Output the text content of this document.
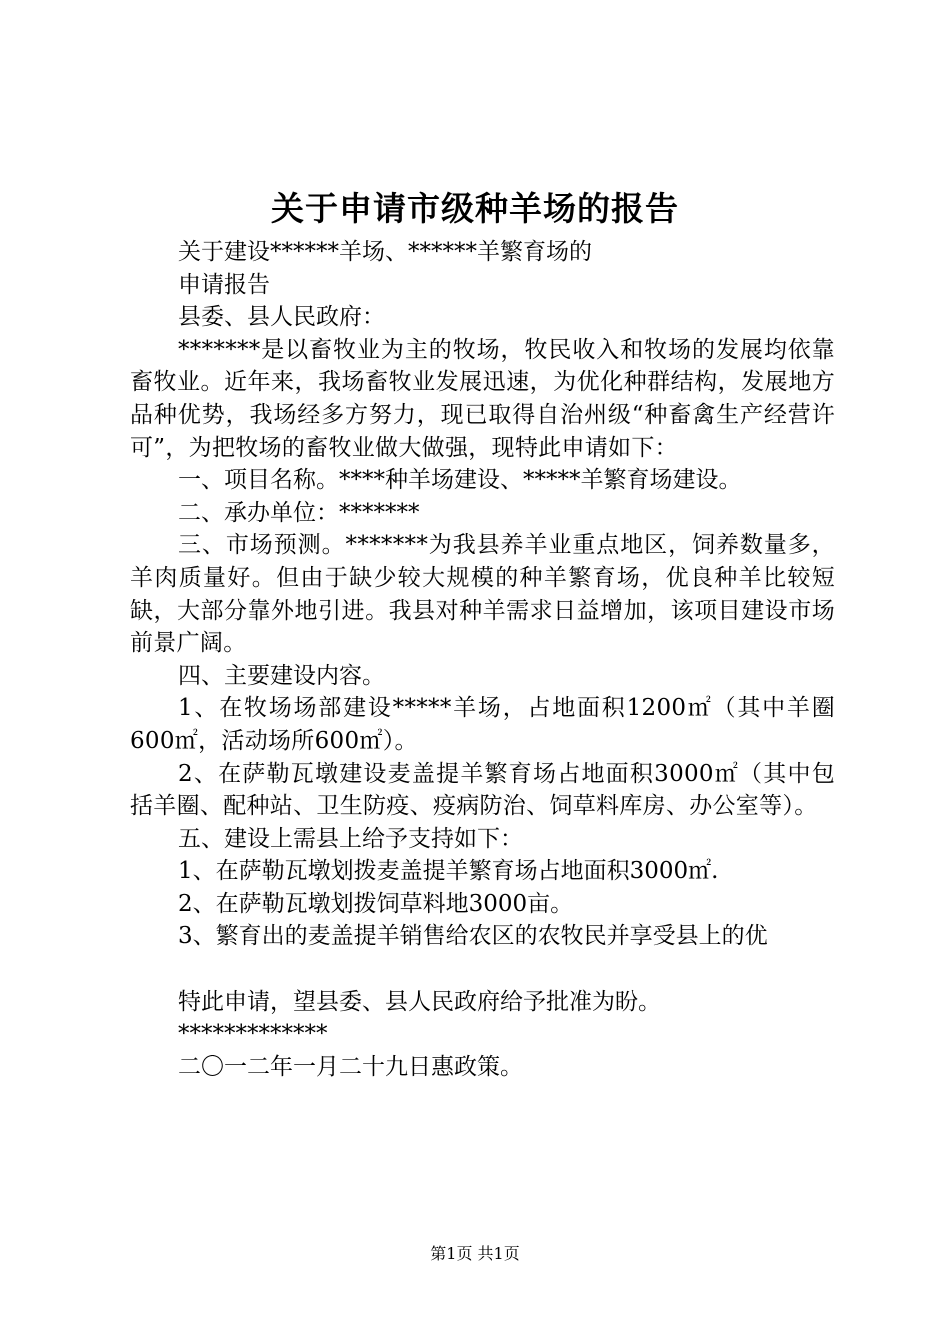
关于申请市级种羊场的报告

关于建设******羊场、******羊繁育场的

申请报告

县委、县人民政府：

*******是以畜牧业为主的牧场，牧民收入和牧场的发展均依靠畜牧业。近年来，我场畜牧业发展迅速，为优化种群结构，发展地方品种优势，我场经多方努力，现已取得自治州级“种畜禽生产经营许可”，为把牧场的畜牧业做大做强，现特此申请如下：

一、项目名称。****种羊场建设、*****羊繁育场建设。

二、承办单位：*******

三、市场预测。*******为我县养羊业重点地区，饲养数量多，羊肉质量好。但由于缺少较大规模的种羊繁育场，优良种羊比较短缺，大部分靠外地引进。我县对种羊需求日益增加，该项目建设市场前景广阔。

四、主要建设内容。

1、在牧场场部建设*****羊场，占地面积1200㎡（其中羊圈600㎡，活动场所600㎡）。

2、在萨勒瓦墩建设麦盖提羊繁育场占地面积3000㎡（其中包括羊圈、配种站、卫生防疫、疫病防治、饲草料库房、办公室等）。

五、建设上需县上给予支持如下：

1、在萨勒瓦墩划拨麦盖提羊繁育场占地面积3000㎡.

2、在萨勒瓦墩划拨饲草料地3000亩。

3、繁育出的麦盖提羊销售给农区的农牧民并享受县上的优

特此申请，望县委、县人民政府给予批准为盼。

*************

二〇一二年一月二十九日惠政策。

第1页 共1页
